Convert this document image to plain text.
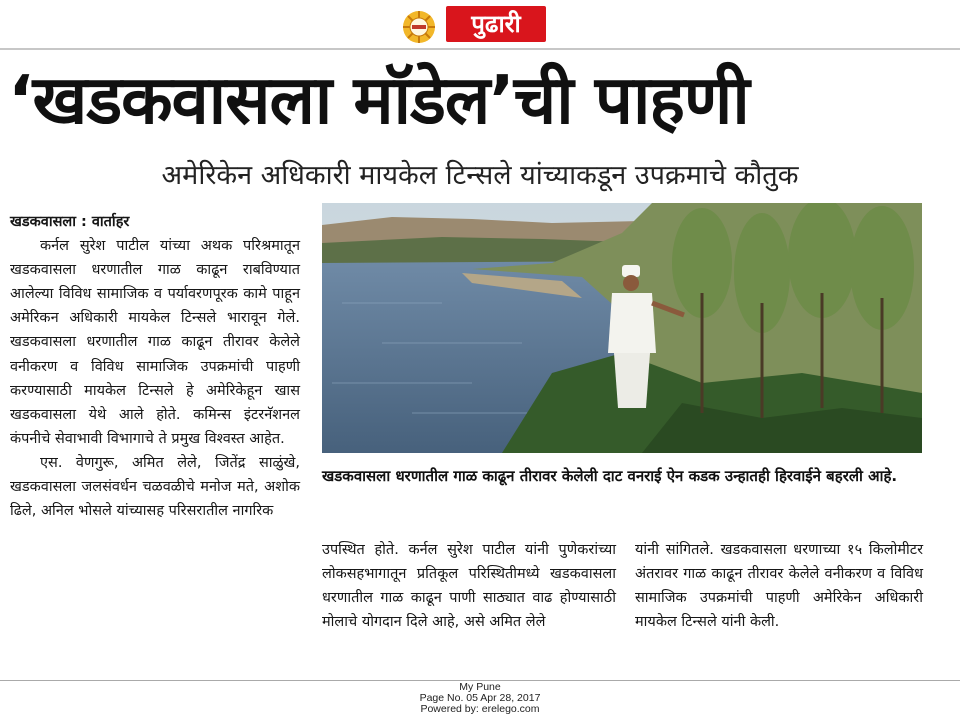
पुढारी
‘खडकवासला मॉडेल’ची पाहणी
अमेरिकेन अधिकारी मायकेल टिन्सले यांच्याकडून उपक्रमाचे कौतुक

खडकवासला : वार्ताहर

कर्नल सुरेश पाटील यांच्या अथक परिश्रमातून खडकवासला धरणातील गाळ काढून राबविण्यात आलेल्या विविध सामाजिक व पर्यावरणपूरक कामे पाहून अमेरिकन अधिकारी मायकेल टिन्सले भारावून गेले. खडकवासला धरणातील गाळ काढून तीरावर केलेले वनीकरण व विविध सामाजिक उपक्रमांची पाहणी करण्यासाठी मायकेल टिन्सले हे अमेरिकेहून खास खडकवासला येथे आले होते. कमिन्स इंटरनॅशनल कंपनीचे सेवाभावी विभागाचे ते प्रमुख विश्वस्त आहेत.

एस. वेणगुरू, अमित लेले, जितेंद्र साळुंखे, खडकवासला जलसंवर्धन चळवळीचे मनोज मते, अशोक ढिले, अनिल भोसले यांच्यासह परिसरातील नागरिक

खडकवासला धरणातील गाळ काढून तीरावर केलेली दाट वनराई ऐन कडक उन्हातही हिरवाईने बहरली आहे.

उपस्थित होते. कर्नल सुरेश पाटील यांनी पुणेकरांच्या लोकसहभागातून प्रतिकूल परिस्थितीमध्ये खडकवासला धरणातील गाळ काढून पाणी साठ्यात वाढ होण्यासाठी मोलाचे योगदान दिले आहे, असे अमित लेले

यांनी सांगितले. खडकवासला धरणाच्या १५ किलोमीटर अंतरावर गाळ काढून तीरावर केलेले वनीकरण व विविध सामाजिक उपक्रमांची पाहणी अमेरिकेन अधिकारी मायकेल टिन्सले यांनी केली.

My Pune
Page No. 05 Apr 28, 2017
Powered by: erelego.com
